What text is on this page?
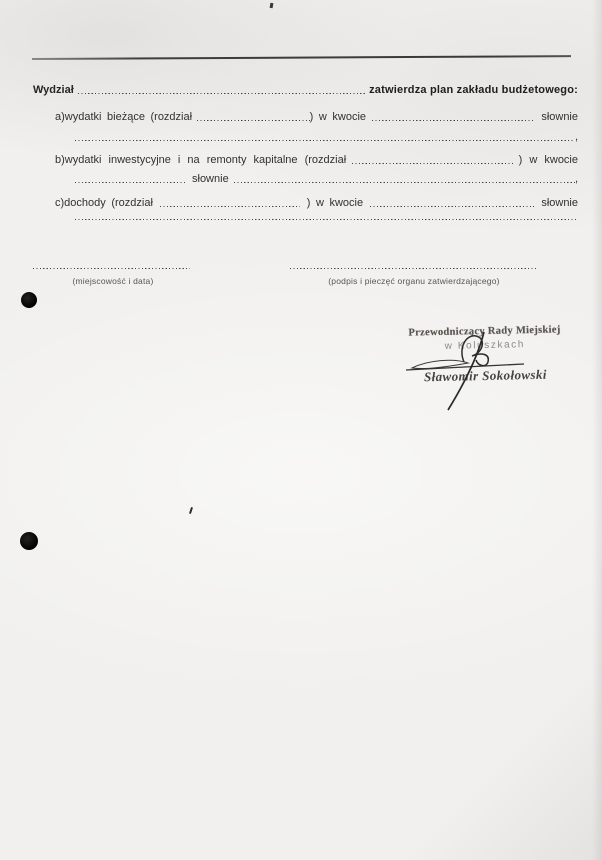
Wydział	zatwierdza plan zakładu budżetowego:
a) wydatki bieżące (rozdział	) w kwocie	słownie
,
b) wydatki inwestycyjne i na remonty kapitalne (rozdział	) w kwocie
słownie	,
c) dochody (rozdział	) w kwocie	słownie
(miejscowość i data)	(podpis i pieczęć organu zatwierdzającego)
Przewodniczący Rady Miejskiej
w Koluszkach
Sławomir Sokołowski
